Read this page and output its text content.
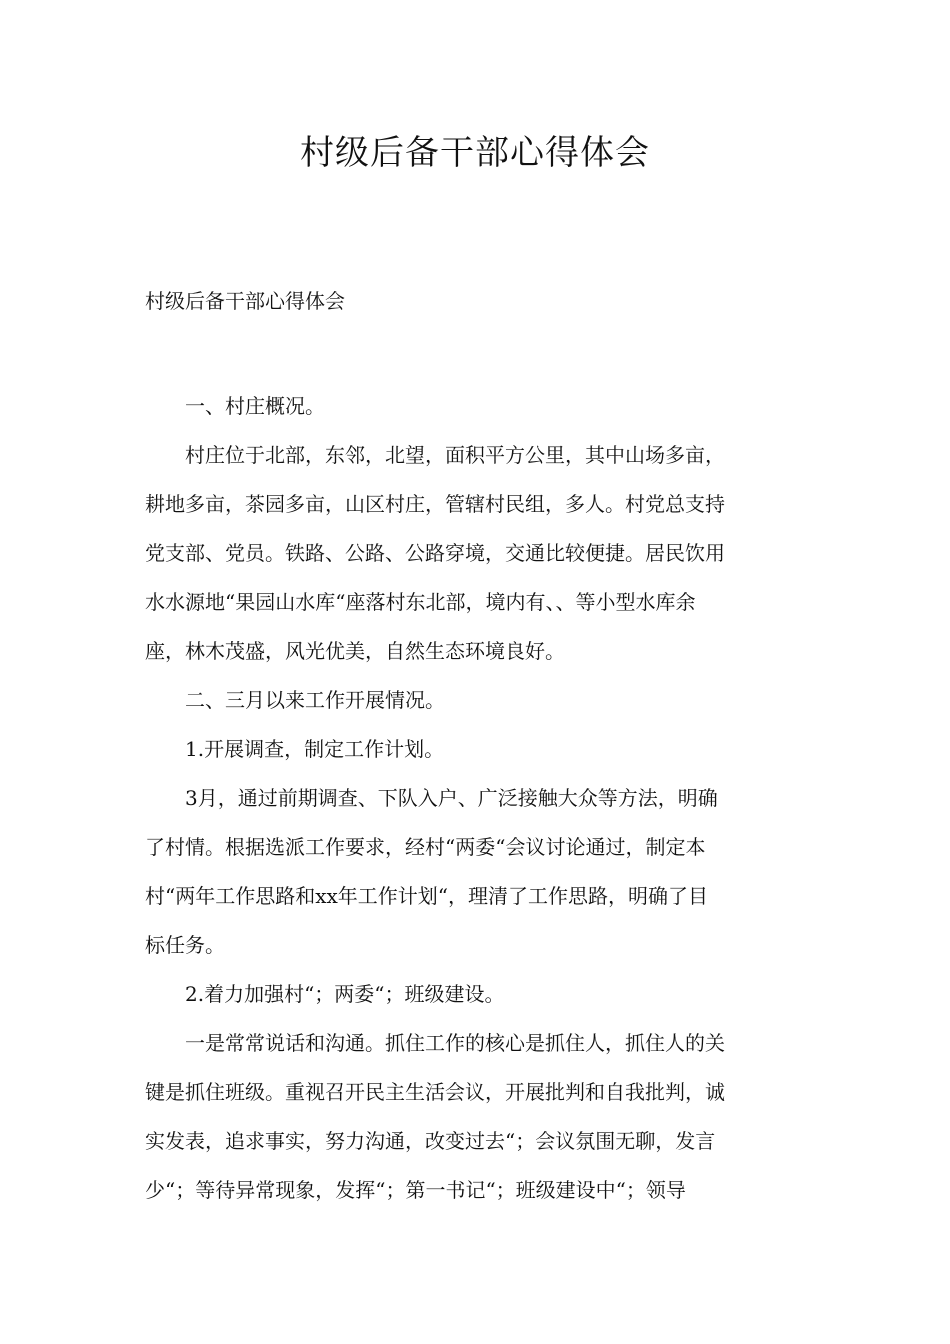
村级后备干部心得体会

村级后备干部心得体会

一、村庄概况。

村庄位于北部，东邻，北望，面积平方公里，其中山场多亩，
耕地多亩，茶园多亩，山区村庄，管辖村民组，多人。村党总支持
党支部、党员。铁路、公路、公路穿境，交通比较便捷。居民饮用
水水源地“果园山水库“座落村东北部，境内有、、等小型水库余
座，林木茂盛，风光优美，自然生态环境良好。

二、三月以来工作开展情况。

1.开展调查，制定工作计划。

3月，通过前期调查、下队入户、广泛接触大众等方法，明确
了村情。根据选派工作要求，经村“两委“会议讨论通过，制定本
村“两年工作思路和xx年工作计划“，理清了工作思路，明确了目
标任务。

2.着力加强村“；两委“；班级建设。

一是常常说话和沟通。抓住工作的核心是抓住人，抓住人的关
键是抓住班级。重视召开民主生活会议，开展批判和自我批判，诚
实发表，追求事实，努力沟通，改变过去“；会议氛围无聊，发言
少“；等待异常现象，发挥“；第一书记“；班级建设中“；领导
